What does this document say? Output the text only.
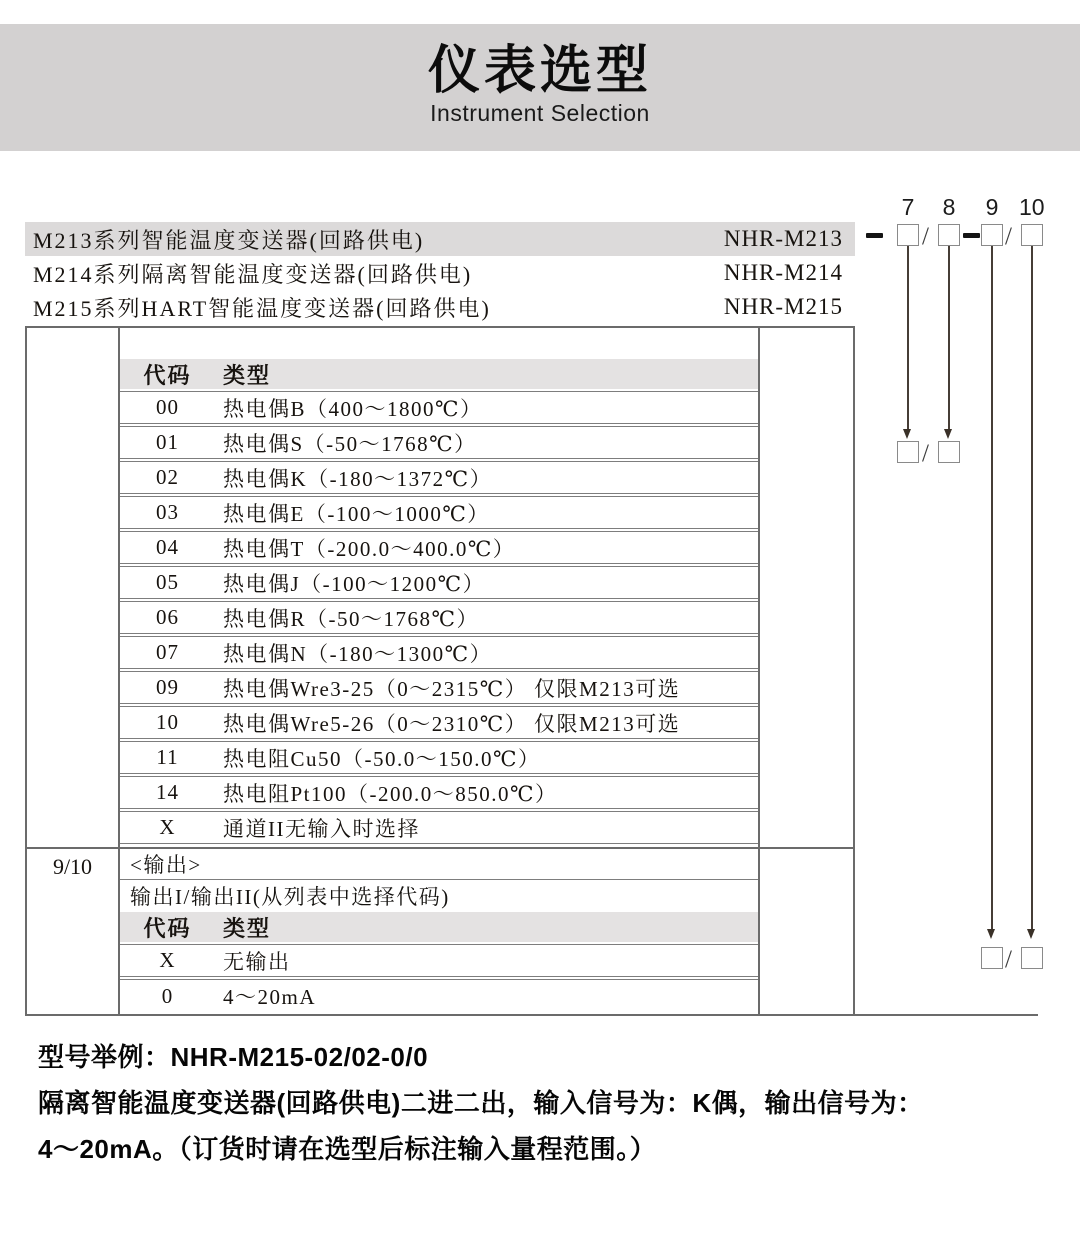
仪表选型
Instrument Selection
M213系列智能温度变送器(回路供电)	NHR-M213
M214系列隔离智能温度变送器(回路供电)	NHR-M214
M215系列HART智能温度变送器(回路供电)	NHR-M215
代码	类型
00	热电偶B（400～1800℃）
01	热电偶S（-50～1768℃）
02	热电偶K（-180～1372℃）
03	热电偶E（-100～1000℃）
04	热电偶T（-200.0～400.0℃）
05	热电偶J（-100～1200℃）
06	热电偶R（-50～1768℃）
07	热电偶N（-180～1300℃）
09	热电偶Wre3-25（0～2315℃） 仅限M213可选
10	热电偶Wre5-26（0～2310℃） 仅限M213可选
11	热电阻Cu50（-50.0～150.0℃）
14	热电阻Pt100（-200.0～850.0℃）
X	通道II无输入时选择
9/10	<输出>
输出I/输出II(从列表中选择代码)
代码	类型
X	无输出
0	4～20mA
7 8 9 10
/	/
/
/
型号举例：NHR-M215-02/02-0/0
隔离智能温度变送器(回路供电)二进二出，输入信号为：K偶，输出信号为：
4～20mA。（订货时请在选型后标注输入量程范围。）
